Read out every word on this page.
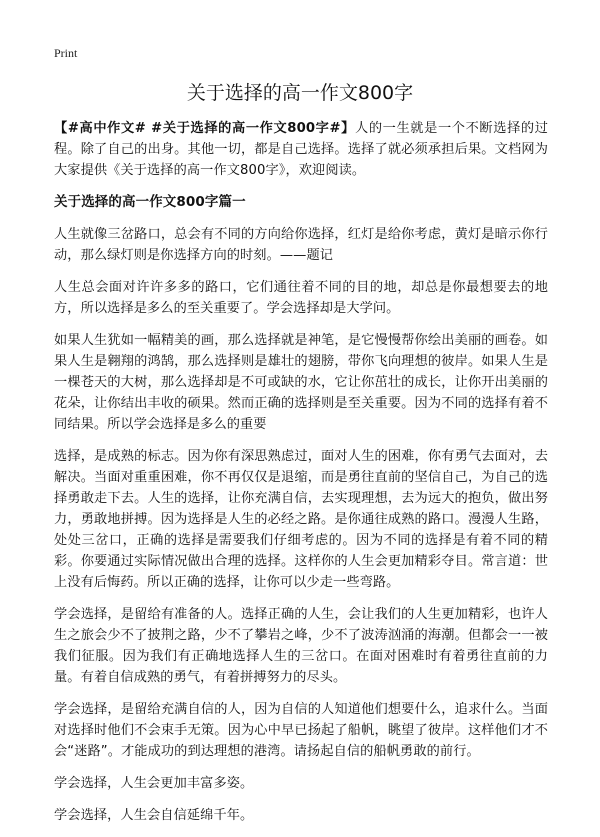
Print
关于选择的高一作文800字

【#高中作文# #关于选择的高一作文800字#】人的一生就是一个不断选择的过程。除了自己的出身。其他一切，都是自己选择。选择了就必须承担后果。文档网为大家提供《关于选择的高一作文800字》，欢迎阅读。

关于选择的高一作文800字篇一

人生就像三岔路口，总会有不同的方向给你选择，红灯是给你考虑，黄灯是暗示你行动，那么绿灯则是你选择方向的时刻。——题记

人生总会面对许许多多的路口，它们通往着不同的目的地，却总是你最想要去的地方，所以选择是多么的至关重要了。学会选择却是大学问。

如果人生犹如一幅精美的画，那么选择就是神笔，是它慢慢帮你绘出美丽的画卷。如果人生是翱翔的鸿鹄，那么选择则是雄壮的翅膀，带你飞向理想的彼岸。如果人生是一棵苍天的大树，那么选择却是不可或缺的水，它让你茁壮的成长，让你开出美丽的花朵，让你结出丰收的硕果。然而正确的选择则是至关重要。因为不同的选择有着不同结果。所以学会选择是多么的重要

选择，是成熟的标志。因为你有深思熟虑过，面对人生的困难，你有勇气去面对，去解决。当面对重重困难，你不再仅仅是退缩，而是勇往直前的坚信自己，为自己的选择勇敢走下去。人生的选择，让你充满自信，去实现理想，去为远大的抱负，做出努力，勇敢地拼搏。因为选择是人生的必经之路。是你通往成熟的路口。漫漫人生路，处处三岔口，正确的选择是需要我们仔细考虑的。因为不同的选择是有着不同的精彩。你要通过实际情况做出合理的选择。这样你的人生会更加精彩夺目。常言道：世上没有后悔药。所以正确的选择，让你可以少走一些弯路。

学会选择，是留给有准备的人。选择正确的人生，会让我们的人生更加精彩，也许人生之旅会少不了披荆之路，少不了攀岩之峰，少不了波涛汹涌的海潮。但都会一一被我们征服。因为我们有正确地选择人生的三岔口。在面对困难时有着勇往直前的力量。有着自信成熟的勇气，有着拼搏努力的尽头。

学会选择，是留给充满自信的人，因为自信的人知道他们想要什么，追求什么。当面对选择时他们不会束手无策。因为心中早已扬起了船帆，眺望了彼岸。这样他们才不会“迷路”。才能成功的到达理想的港湾。请扬起自信的船帆勇敢的前行。

学会选择，人生会更加丰富多姿。

学会选择，人生会自信延绵千年。
